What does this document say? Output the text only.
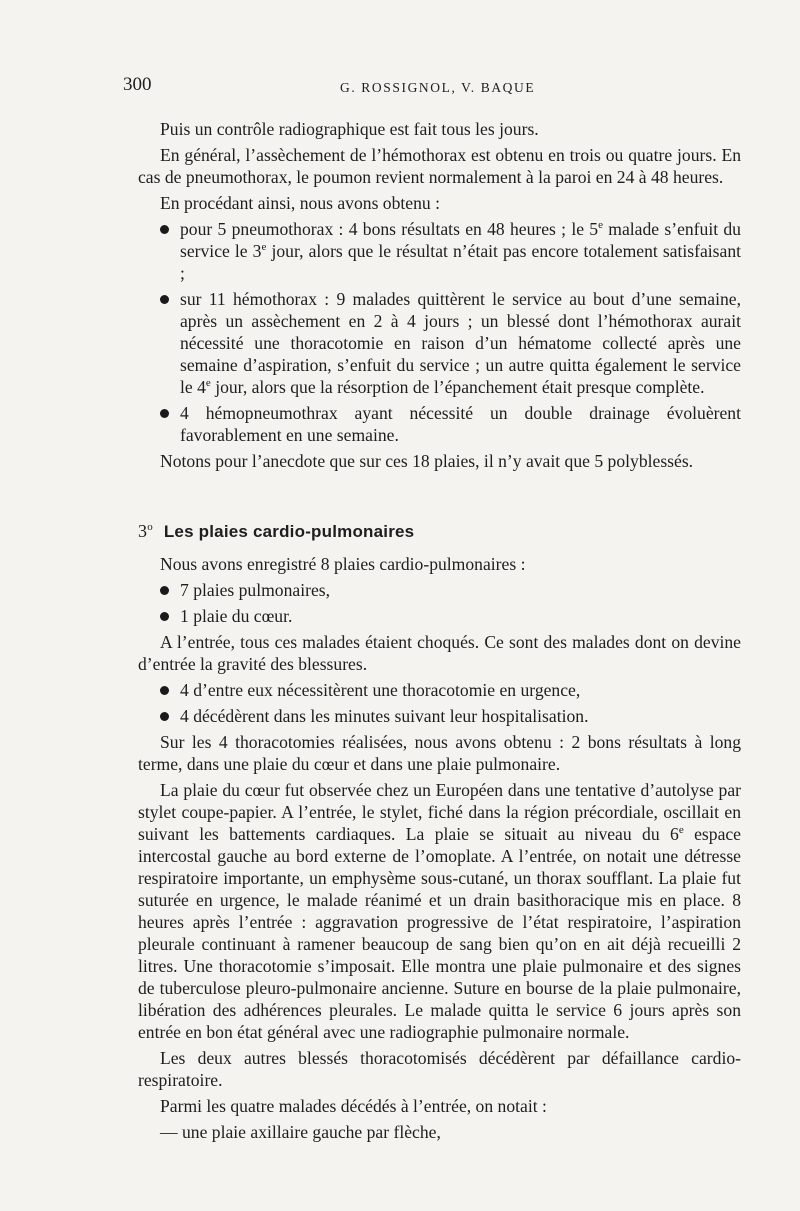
300	G. ROSSIGNOL, V. BAQUE

Puis un contrôle radiographique est fait tous les jours.

En général, l’assèchement de l’hémothorax est obtenu en trois ou quatre jours. En cas de pneumothorax, le poumon revient normalement à la paroi en 24 à 48 heures.

En procédant ainsi, nous avons obtenu :

pour 5 pneumothorax : 4 bons résultats en 48 heures ; le 5e malade s’enfuit du service le 3e jour, alors que le résultat n’était pas encore totalement satisfaisant ;
sur 11 hémothorax : 9 malades quittèrent le service au bout d’une semaine, après un assèchement en 2 à 4 jours ; un blessé dont l’hémothorax aurait nécessité une thoracotomie en raison d’un hématome collecté après une semaine d’aspiration, s’enfuit du service ; un autre quitta également le service le 4e jour, alors que la résorption de l’épanchement était presque complète.
4 hémopneumothrax ayant nécessité un double drainage évoluèrent favorablement en une semaine.

Notons pour l’anecdote que sur ces 18 plaies, il n’y avait que 5 polyblessés.

3$^o$ Les plaies cardio-pulmonaires

Nous avons enregistré 8 plaies cardio-pulmonaires :

7 plaies pulmonaires,
1 plaie du cœur.

A l’entrée, tous ces malades étaient choqués. Ce sont des malades dont on devine d’entrée la gravité des blessures.

4 d’entre eux nécessitèrent une thoracotomie en urgence,
4 décédèrent dans les minutes suivant leur hospitalisation.

Sur les 4 thoracotomies réalisées, nous avons obtenu : 2 bons résultats à long terme, dans une plaie du cœur et dans une plaie pulmonaire.

La plaie du cœur fut observée chez un Européen dans une tentative d’autolyse par stylet coupe-papier. A l’entrée, le stylet, fiché dans la région précordiale, oscillait en suivant les battements cardiaques. La plaie se situait au niveau du 6e espace intercostal gauche au bord externe de l’omoplate. A l’entrée, on notait une détresse respiratoire importante, un emphysème sous-cutané, un thorax soufflant. La plaie fut suturée en urgence, le malade réanimé et un drain basithoracique mis en place. 8 heures après l’entrée : aggravation progressive de l’état respiratoire, l’aspiration pleurale continuant à ramener beaucoup de sang bien qu’on en ait déjà recueilli 2 litres. Une thoracotomie s’imposait. Elle montra une plaie pulmonaire et des signes de tuberculose pleuro-pulmonaire ancienne. Suture en bourse de la plaie pulmonaire, libération des adhérences pleurales. Le malade quitta le service 6 jours après son entrée en bon état général avec une radiographie pulmonaire normale.

Les deux autres blessés thoracotomisés décédèrent par défaillance cardio-respiratoire.

Parmi les quatre malades décédés à l’entrée, on notait :

— une plaie axillaire gauche par flèche,
